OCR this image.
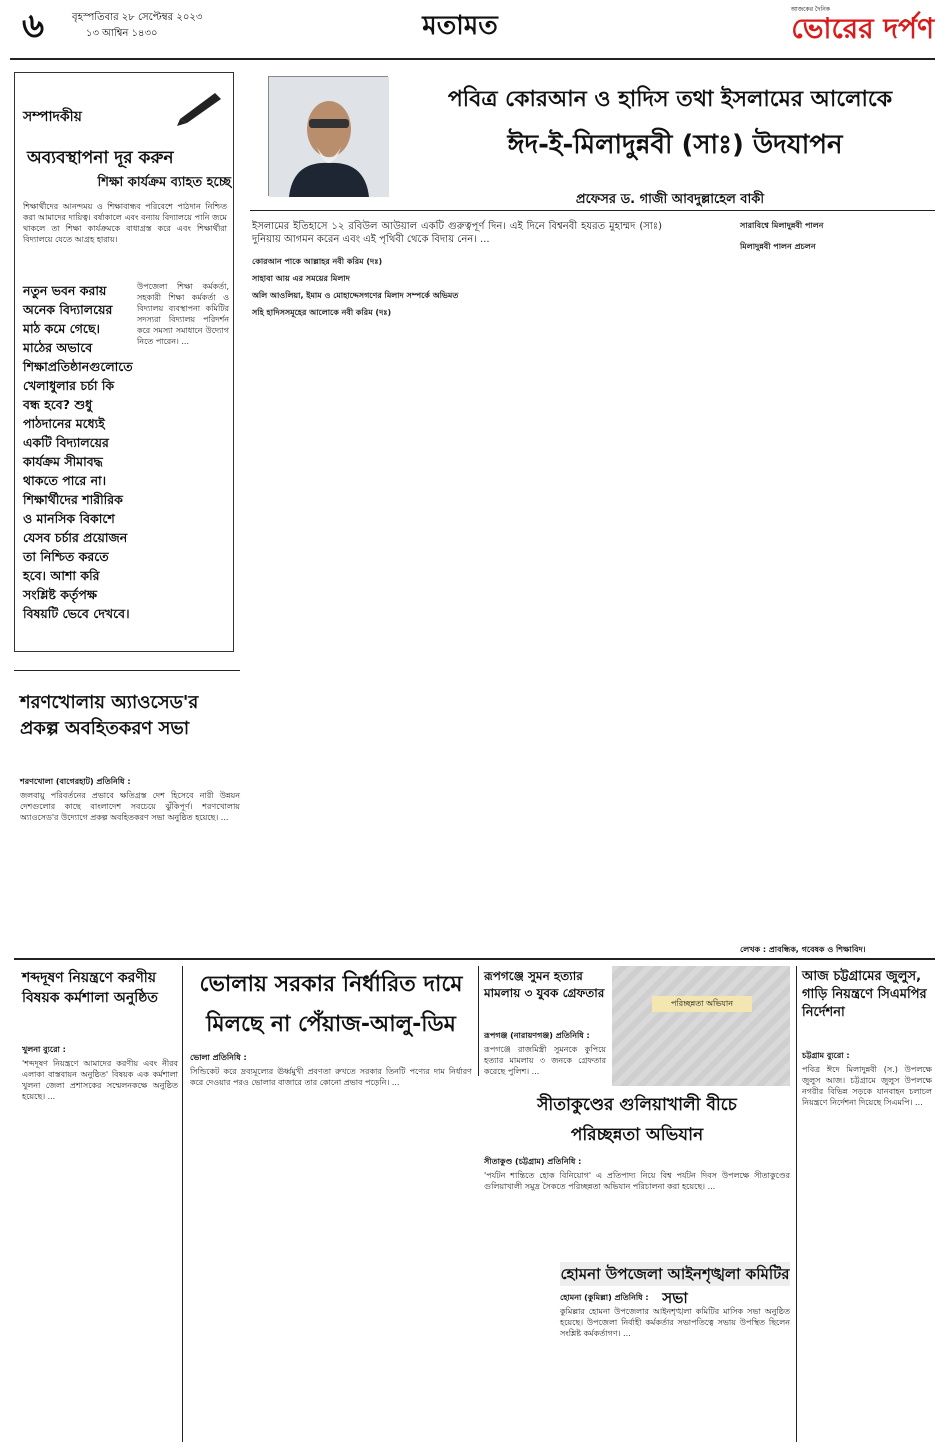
৬	বৃহস্পতিবার ২৮ সেপ্টেম্বর ২০২৩
১৩ আশ্বিন ১৪৩০	মতামত
আজকের দৈনিক
ভোরের দর্পণ
সম্পাদকীয়
অব্যবস্থাপনা দূর করুন
শিক্ষা কার্যক্রম ব্যাহত হচ্ছে
শিক্ষার্থীদের আনন্দময় ও শিক্ষাবান্ধব পরিবেশে পাঠদান নিশ্চিত করা আমাদের দায়িত্ব। বর্ষাকালে এবং বন্যায় বিদ্যালয়ে পানি জমে থাকলে তা শিক্ষা কার্যক্রমকে বাধাগ্রস্ত করে এবং শিক্ষার্থীরা বিদ্যালয়ে যেতে আগ্রহ হারায়।
নতুন ভবন করায় অনেক বিদ্যালয়ের মাঠ কমে গেছে। মাঠের অভাবে শিক্ষাপ্রতিষ্ঠানগুলোতে খেলাধুলার চর্চা কি বন্ধ হবে? শুধু পাঠদানের মধ্যেই একটি বিদ্যালয়ের কার্যক্রম সীমাবদ্ধ থাকতে পারে না। শিক্ষার্থীদের শারীরিক ও মানসিক বিকাশে যেসব চর্চার প্রয়োজন তা নিশ্চিত করতে হবে। আশা করি সংশ্লিষ্ট কর্তৃপক্ষ বিষয়টি ভেবে দেখবে।
উপজেলা শিক্ষা কর্মকর্তা, সহকারী শিক্ষা কর্মকর্তা ও বিদ্যালয় ব্যবস্থাপনা কমিটির সদস্যরা বিদ্যালয় পরিদর্শন করে সমস্যা সমাধানে উদ্যোগ নিতে পারেন। ...
পবিত্র কোরআন ও হাদিস তথা ইসলামের আলোকে
ঈদ-ই-মিলাদুন্নবী (সাঃ) উদযাপন
প্রফেসর ড. গাজী আবদুল্লাহেল বাকী
ইসলামের ইতিহাসে ১২ রবিউল আউয়াল একটি গুরুত্বপূর্ণ দিন। এই দিনে বিশ্বনবী হযরত মুহাম্মদ (সাঃ) দুনিয়ায় আগমন করেন এবং এই পৃথিবী থেকে বিদায় নেন। ...
কোরআন পাকে আল্লাহর নবী করিম (দঃ)
সাহাবা আয় এর সময়ের মিলাদ
অলি আওলিয়া, ইমাম ও মোহাদ্দেসগণের মিলাদ সম্পর্কে অভিমত
সহি হাদিসসমূহের আলোকে নবী করিম (দঃ)
সারাবিশ্বে মিলাদুন্নবী পালন
মিলাদুন্নবী পালন প্রচলন
লেখক : প্রাবন্ধিক, গবেষক ও শিক্ষাবিদ।
শরণখোলায় অ্যাওসেড'র প্রকল্প অবহিতকরণ সভা
শরণখোলা (বাগেরহাট) প্রতিনিধি :
জলবায়ু পরিবর্তনের প্রভাবে ক্ষতিগ্রস্ত দেশ হিসেবে নারী উন্নয়ন দেশগুলোর কাছে বাংলাদেশ সবচেয়ে ঝুঁকিপূর্ণ। শরণখোলায় অ্যাওসেড'র উদ্যোগে প্রকল্প অবহিতকরণ সভা অনুষ্ঠিত হয়েছে। ...
শব্দদূষণ নিয়ন্ত্রণে করণীয় বিষয়ক কর্মশালা অনুষ্ঠিত
খুলনা ব্যুরো :
'শব্দদূষণ নিয়ন্ত্রণে আমাদের করণীয় এবং নীরব এলাকা বাস্তবায়ন অনুষ্ঠিত' বিষয়ক এক কর্মশালা খুলনা জেলা প্রশাসকের সম্মেলনকক্ষে অনুষ্ঠিত হয়েছে। ...
ভোলায় সরকার নির্ধারিত দামে
মিলছে না পেঁয়াজ-আলু-ডিম
ভোলা প্রতিনিধি :
সিন্ডিকেট করে দ্রব্যমূল্যের ঊর্ধ্বমুখী প্রবণতা রুখতে সরকার তিনটি পণ্যের দাম নির্ধারণ করে দেওয়ার পরও ভোলার বাজারে তার কোনো প্রভাব পড়েনি। ...
রূপগঞ্জে সুমন হত্যার মামলায় ৩ যুবক গ্রেফতার
রূপগঞ্জ (নারায়ণগঞ্জ) প্রতিনিধি :
রূপগঞ্জে রাজমিস্ত্রী সুমনকে কুপিয়ে হত্যার মামলায় ৩ জনকে গ্রেফতার করেছে পুলিশ। ...
পরিচ্ছন্নতা অভিযান
সীতাকুণ্ডের গুলিয়াখালী বীচে
পরিচ্ছন্নতা অভিযান
সীতাকুণ্ড (চট্টগ্রাম) প্রতিনিধি :
'পর্যটন শান্তিতে হোক বিনিয়োগ' এ প্রতিপাদ্য নিয়ে বিশ্ব পর্যটন দিবস উপলক্ষে সীতাকুণ্ডের গুলিয়াখালী সমুদ্র সৈকতে পরিচ্ছন্নতা অভিযান পরিচালনা করা হয়েছে। ...
হোমনা উপজেলা আইনশৃঙ্খলা কমিটির সভা
হোমনা (কুমিল্লা) প্রতিনিধি :
কুমিল্লার হোমনা উপজেলার আইনশৃঙ্খলা কমিটির মাসিক সভা অনুষ্ঠিত হয়েছে। উপজেলা নির্বাহী কর্মকর্তার সভাপতিত্বে সভায় উপস্থিত ছিলেন সংশ্লিষ্ট কর্মকর্তাগণ। ...
আজ চট্টগ্রামের জুলুস, গাড়ি নিয়ন্ত্রণে সিএমপির নির্দেশনা
চট্টগ্রাম ব্যুরো :
পবিত্র ঈদে মিলাদুন্নবী (স.) উপলক্ষে জুলুস আজ। চট্টগ্রামে জুলুস উপলক্ষে নগরীর বিভিন্ন সড়কে যানবাহন চলাচল নিয়ন্ত্রণে নির্দেশনা দিয়েছে সিএমপি। ...
